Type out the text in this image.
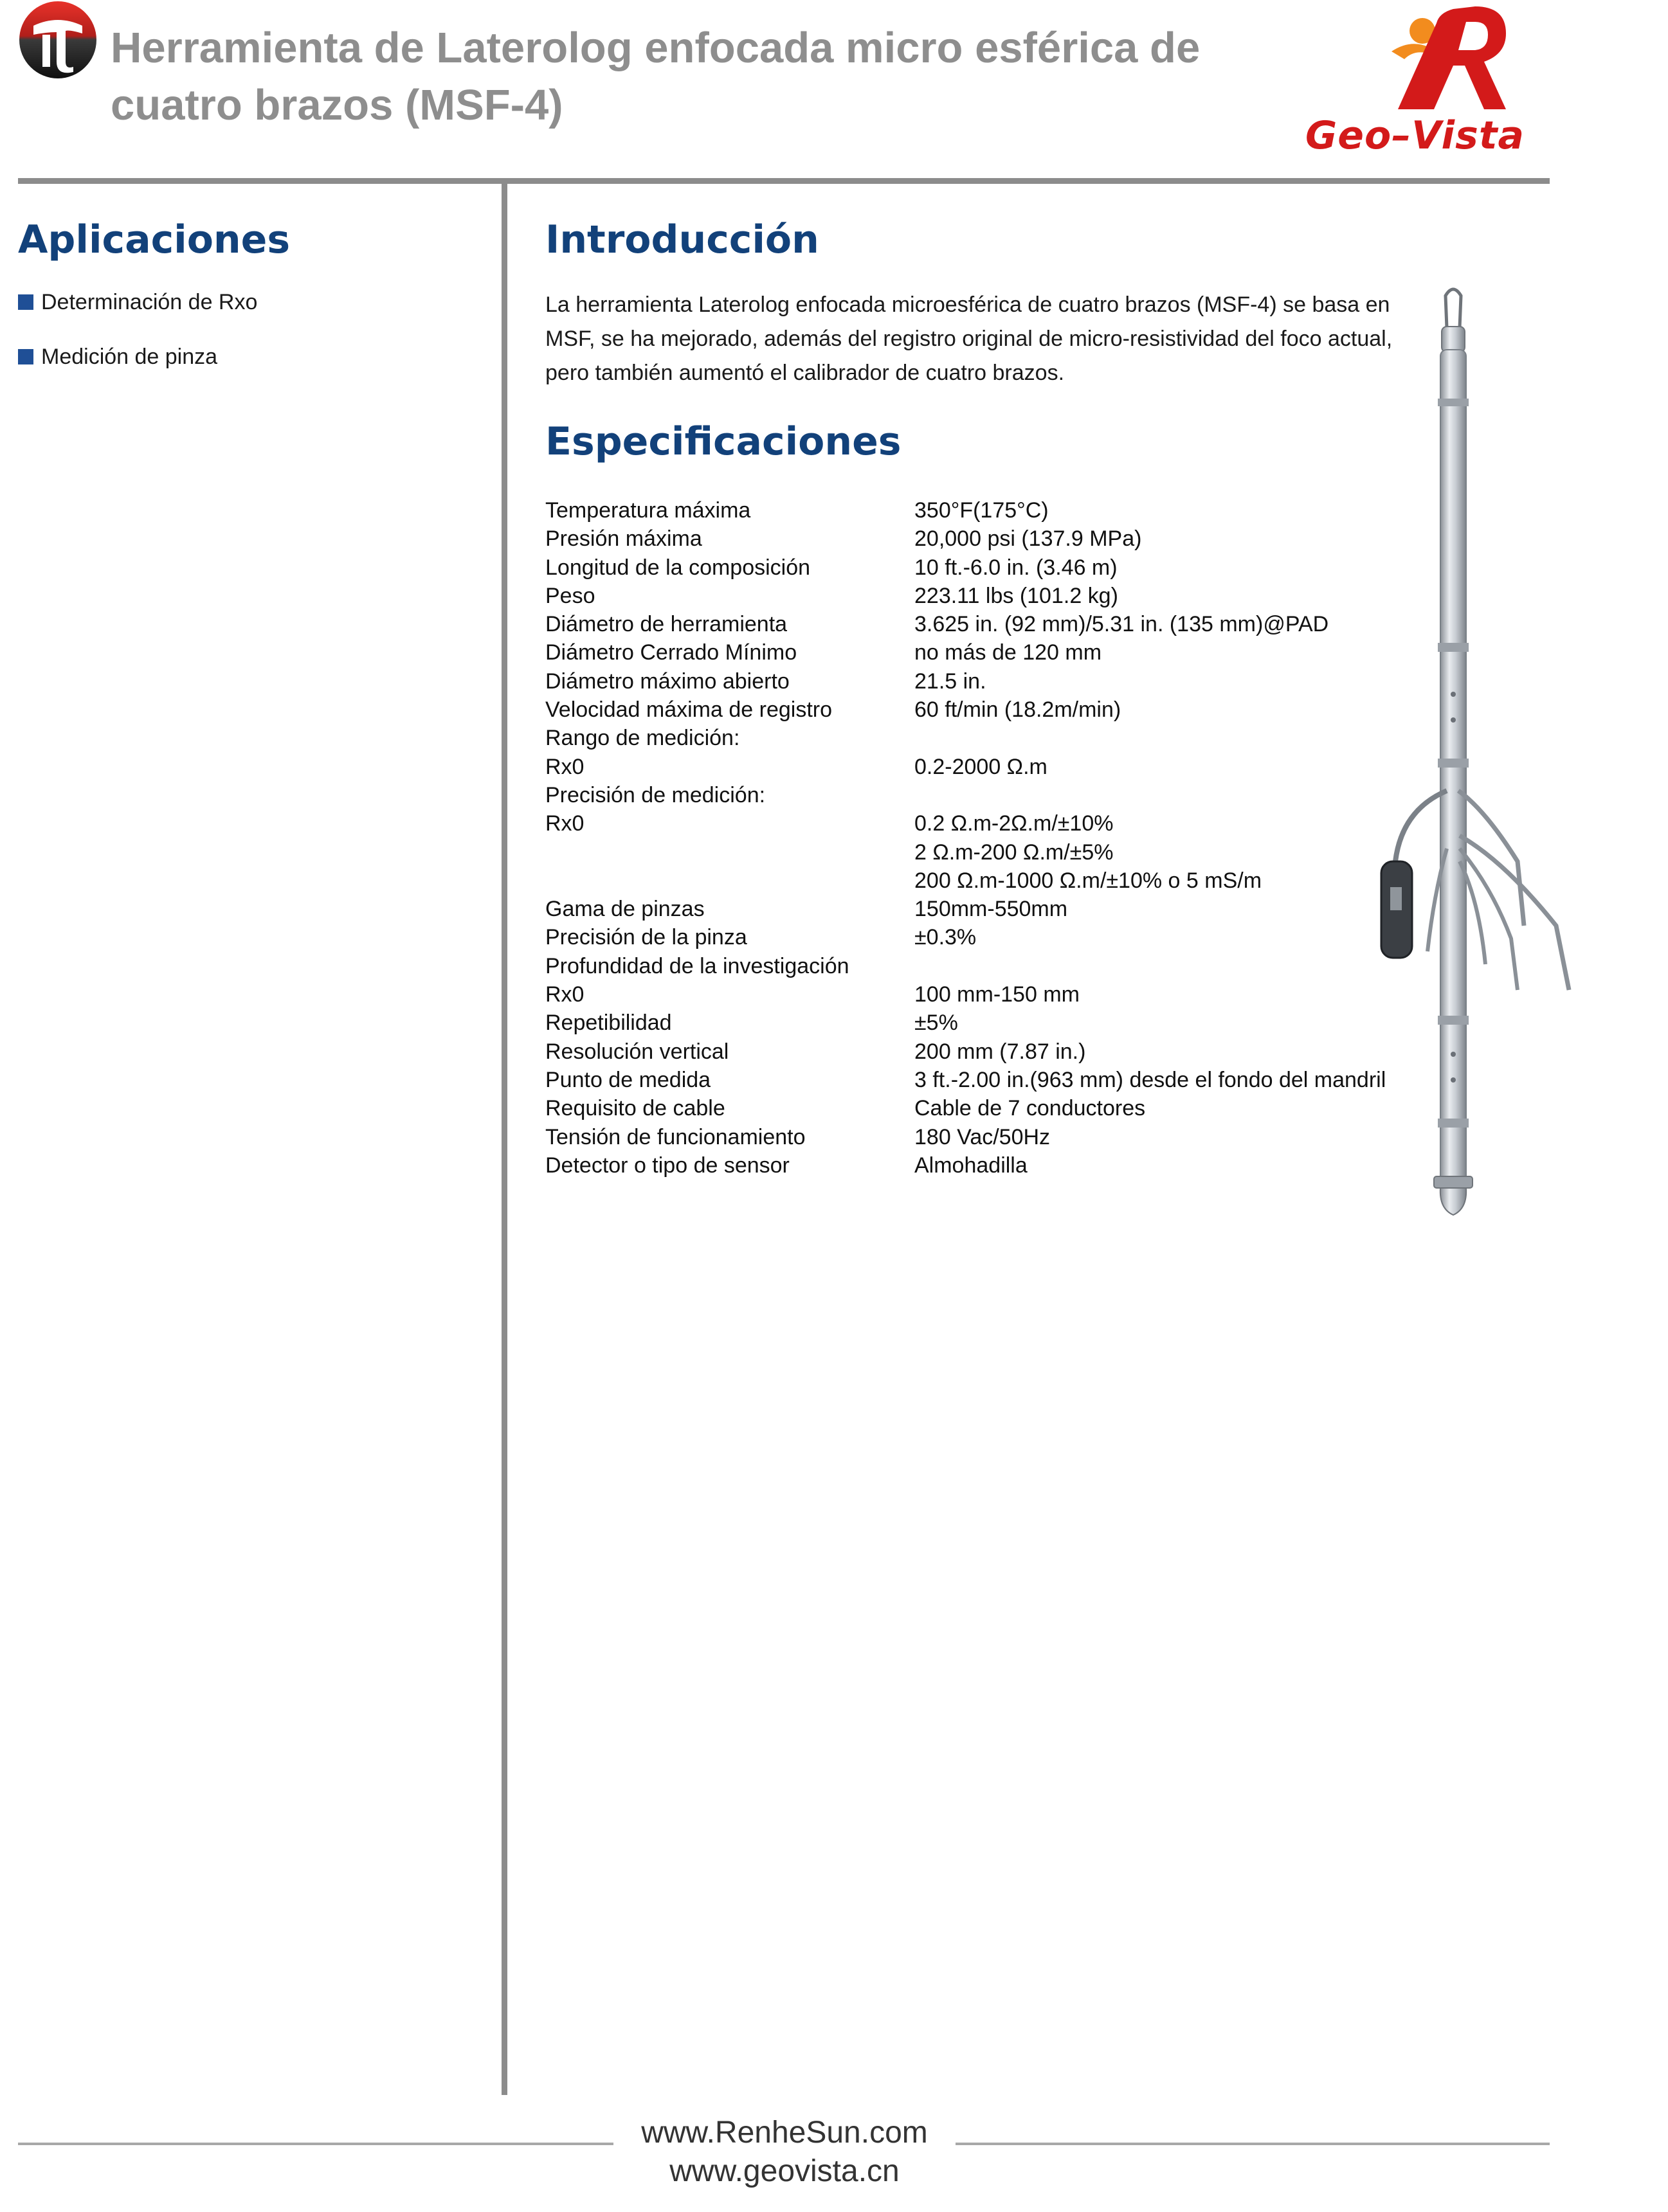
Herramienta de Laterolog enfocada micro esférica de cuatro brazos (MSF-4)
Geo–Vista
Aplicaciones
Determinación de Rxo
Medición de pinza
Introducción

La herramienta Laterolog enfocada microesférica de cuatro brazos (MSF-4) se basa en MSF, se ha mejorado, además del registro original de micro-resistividad del foco actual, pero también aumentó el calibrador de cuatro brazos.

Especificaciones
Temperatura máxima	350°F(175°C)
Presión máxima	20,000 psi (137.9 MPa)
Longitud de la composición	10 ft.-6.0 in. (3.46 m)
Peso	223.11 lbs (101.2 kg)
Diámetro de herramienta	3.625 in. (92 mm)/5.31 in. (135 mm)@PAD
Diámetro Cerrado Mínimo	no más de 120 mm
Diámetro máximo abierto	21.5 in.
Velocidad máxima de registro	60 ft/min (18.2m/min)
Rango de medición:
Rx0	0.2-2000 Ω.m
Precisión de medición:
Rx0	0.2 Ω.m-2Ω.m/±10%
2 Ω.m-200 Ω.m/±5%
200 Ω.m-1000 Ω.m/±10% o 5 mS/m
Gama de pinzas	150mm-550mm
Precisión de la pinza	±0.3%
Profundidad de la investigación
Rx0	100 mm-150 mm
Repetibilidad	±5%
Resolución vertical	200 mm (7.87 in.)
Punto de medida	3 ft.-2.00 in.(963 mm) desde el fondo del mandril
Requisito de cable	Cable de 7 conductores
Tensión de funcionamiento	180 Vac/50Hz
Detector o tipo de sensor	Almohadilla
www.RenheSun.com
www.geovista.cn
